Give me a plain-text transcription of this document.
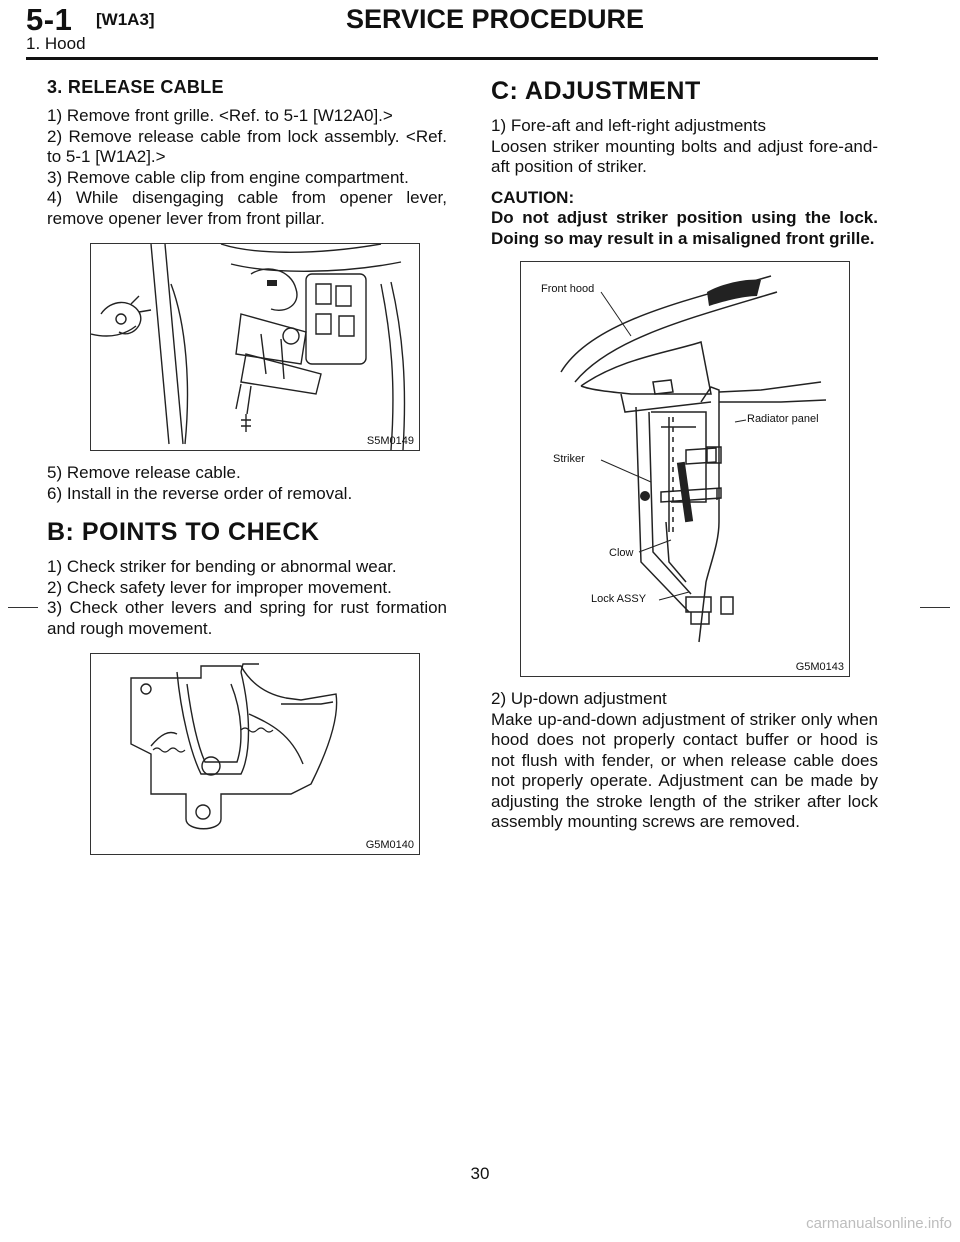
5-1 [W1A3]	SERVICE PROCEDURE
1. Hood
3. RELEASE CABLE

1) Remove front grille. <Ref. to 5-1 [W12A0].>

2) Remove release cable from lock assembly. <Ref. to 5-1 [W1A2].>

3) Remove cable clip from engine compartment.

4) While disengaging cable from opener lever, remove opener lever from front pillar.

S5M0149

5) Remove release cable.

6) Install in the reverse order of removal.

B: POINTS TO CHECK

1) Check striker for bending or abnormal wear.

2) Check safety lever for improper movement.

3) Check other levers and spring for rust formation and rough movement.

G5M0140
C: ADJUSTMENT

1) Fore-aft and left-right adjustments

Loosen striker mounting bolts and adjust fore-and-aft position of striker.

CAUTION:
Do not adjust striker position using the lock. Doing so may result in a misaligned front grille.
Front hood
Radiator panel
Striker
Clow
Lock ASSY
G5M0143

2) Up-down adjustment

Make up-and-down adjustment of striker only when hood does not properly contact buffer or hood is not flush with fender, or when release cable does not properly operate. Adjustment can be made by adjusting the stroke length of the striker after lock assembly mounting screws are removed.

30
carmanualsonline.info
